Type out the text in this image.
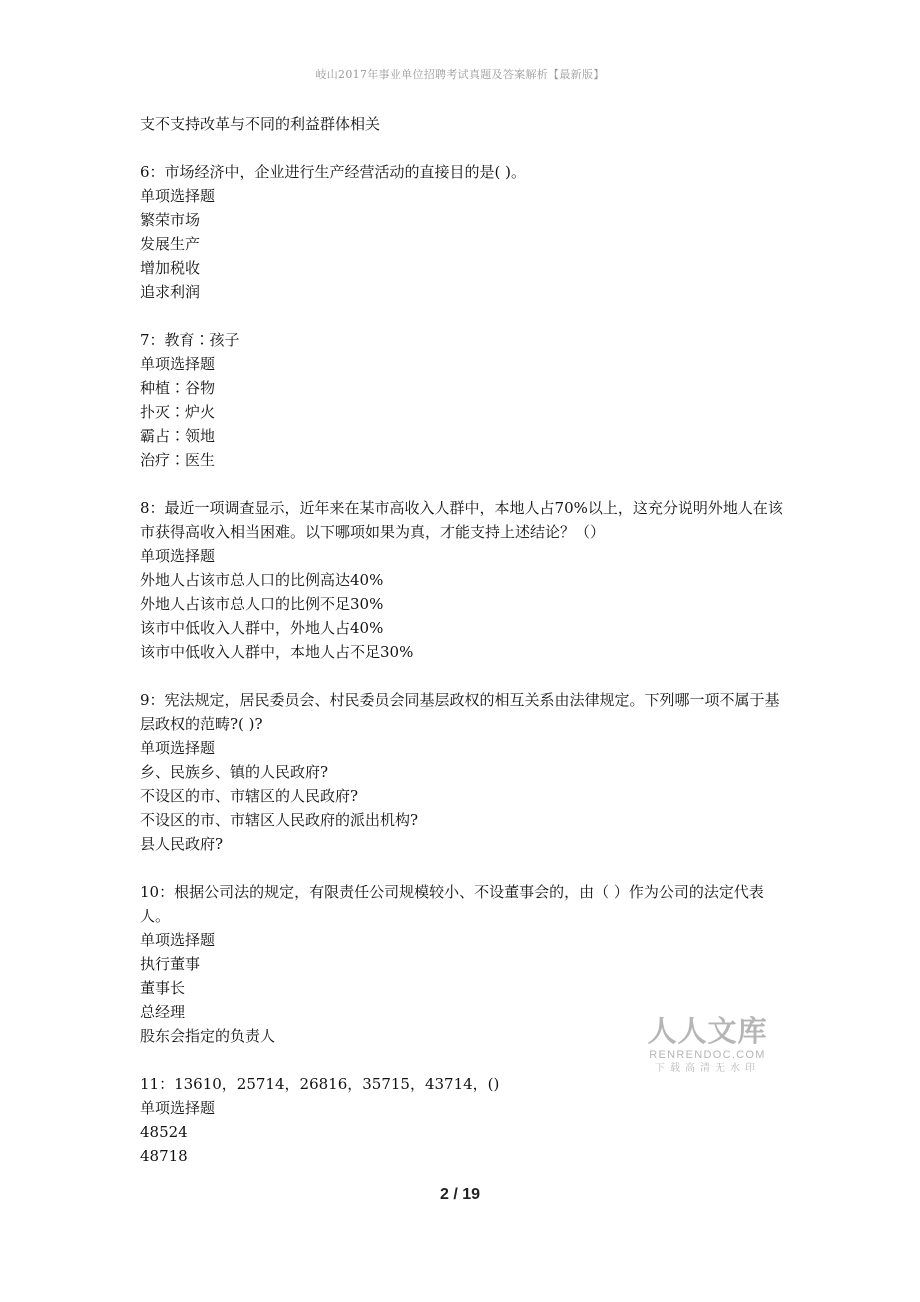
岐山2017年事业单位招聘考试真题及答案解析【最新版】
支不支持改革与不同的利益群体相关
6：市场经济中，企业进行生产经营活动的直接目的是( )。
单项选择题
繁荣市场
发展生产
增加税收
追求利润
7：教育∶孩子
单项选择题
种植∶谷物
扑灭∶炉火
霸占∶领地
治疗∶医生
8：最近一项调查显示，近年来在某市高收入人群中，本地人占70%以上，这充分说明外地人在该市获得高收入相当困难。以下哪项如果为真，才能支持上述结论？（）
单项选择题
外地人占该市总人口的比例高达40%
外地人占该市总人口的比例不足30%
该市中低收入人群中，外地人占40%
该市中低收入人群中，本地人占不足30%
9：宪法规定，居民委员会、村民委员会同基层政权的相互关系由法律规定。下列哪一项不属于基层政权的范畴?( )?
单项选择题
乡、民族乡、镇的人民政府?
不设区的市、市辖区的人民政府?
不设区的市、市辖区人民政府的派出机构?
县人民政府?
10：根据公司法的规定，有限责任公司规模较小、不设董事会的，由（ ）作为公司的法定代表人。
单项选择题
执行董事
董事长
总经理
股东会指定的负责人
11：13610，25714，26816，35715，43714，()
单项选择题
48524
48718
人人文库
RENRENDOC.COM
下载高清无水印
2 / 19
